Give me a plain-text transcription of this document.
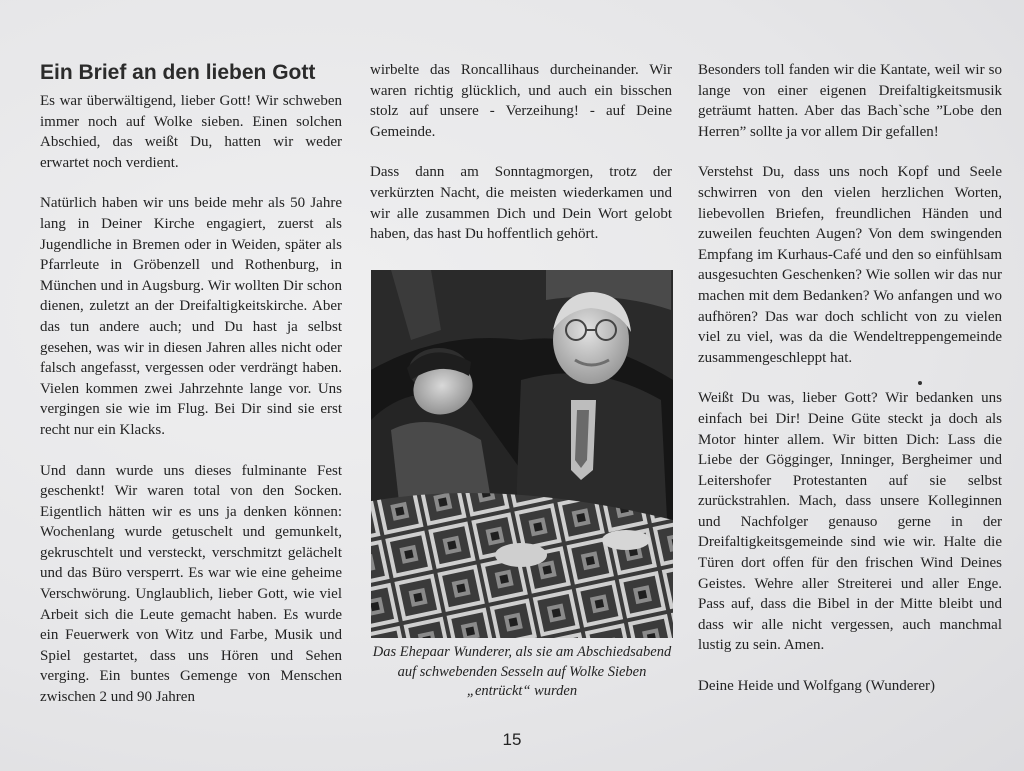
Ein Brief an den lieben Gott

Es war überwältigend, lieber Gott! Wir schweben immer noch auf Wolke sieben. Einen solchen Abschied, das weißt Du, hatten wir weder erwartet noch verdient.

Natürlich haben wir uns beide mehr als 50 Jahre lang in Deiner Kirche engagiert, zuerst als Jugendliche in Bremen oder in Weiden, später als Pfarrleute in Gröbenzell und Rothenburg, in München und in Augsburg. Wir wollten Dir schon dienen, zuletzt an der Dreifaltigkeitskirche. Aber das tun andere auch; und Du hast ja selbst gesehen, was wir in diesen Jahren alles nicht oder falsch angefasst, vergessen oder verdrängt haben. Vielen kommen zwei Jahrzehnte lange vor. Uns vergingen sie wie im Flug. Bei Dir sind sie erst recht nur ein Klacks.

Und dann wurde uns dieses fulminante Fest geschenkt! Wir waren total von den Socken. Eigentlich hätten wir es uns ja denken können: Wochenlang wurde getuschelt und gemunkelt, gekruschtelt und versteckt, verschmitzt gelächelt und das Büro versperrt. Es war wie eine geheime Verschwörung. Unglaublich, lieber Gott, wie viel Arbeit sich die Leute gemacht haben. Es wurde ein Feuerwerk von Witz und Farbe, Musik und Spiel gestartet, dass uns Hören und Sehen verging. Ein buntes Gemenge von Menschen zwischen 2 und 90 Jahren

wirbelte das Roncallihaus durcheinander. Wir waren richtig glücklich, und auch ein bisschen stolz auf unsere - Verzeihung! - auf Deine Gemeinde.

Dass dann am Sonntagmorgen, trotz der verkürzten Nacht, die meisten wiederkamen und wir alle zusammen Dich und Dein Wort gelobt haben, das hast Du hoffentlich gehört.

Das Ehepaar Wunderer, als sie am Abschiedsabend auf schwebenden Sesseln auf Wolke Sieben „entrückt“ wurden

Besonders toll fanden wir die Kantate, weil wir so lange von einer eigenen Dreifaltigkeitsmusik geträumt hatten. Aber das Bach`sche ”Lobe den Herren” sollte ja vor allem Dir gefallen!

Verstehst Du, dass uns noch Kopf und Seele schwirren von den vielen herzlichen Worten, liebevollen Briefen, freundlichen Händen und zuweilen feuchten Augen? Von dem swingenden Empfang im Kurhaus-Café und den so einfühlsam ausgesuchten Geschenken? Wie sollen wir das nur machen mit dem Bedanken? Wo anfangen und wo aufhören? Das war doch schlicht von zu vielen viel zu viel, was da die Wendeltreppengemeinde zusammengeschleppt hat.

Weißt Du was, lieber Gott? Wir bedanken uns einfach bei Dir! Deine Güte steckt ja doch als Motor hinter allem. Wir bitten Dich: Lass die Liebe der Gögginger, Inninger, Bergheimer und Leitershofer Protestanten auf sie selbst zurückstrahlen. Mach, dass unsere Kolleginnen und Nachfolger genauso gerne in der Dreifaltigkeitsgemeinde sind wie wir. Halte die Türen dort offen für den frischen Wind Deines Geistes. Wehre aller Streiterei und aller Enge. Pass auf, dass die Bibel in der Mitte bleibt und dass wir alle nicht vergessen, auch manchmal lustig zu sein. Amen.

Deine Heide und Wolfgang (Wunderer)

15
